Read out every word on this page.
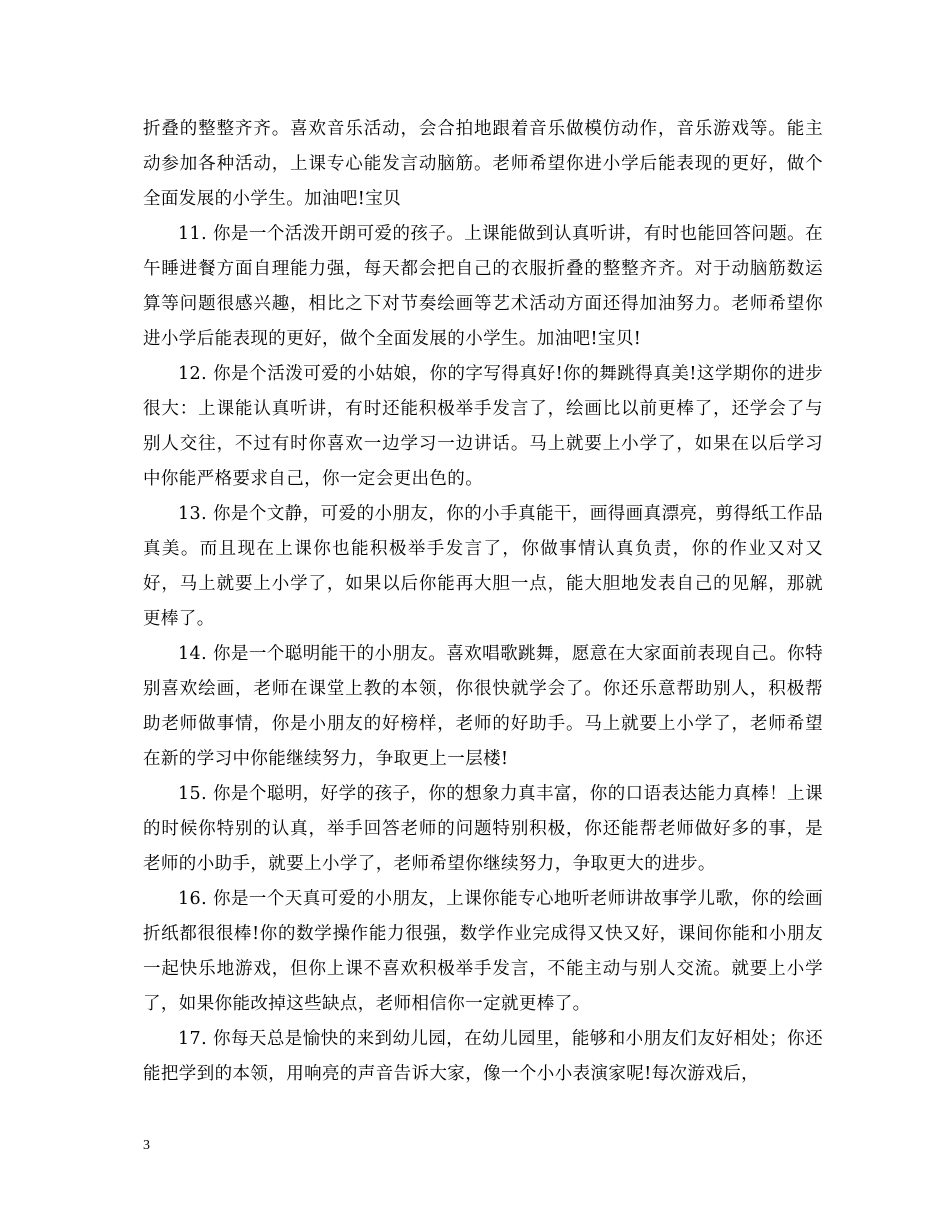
折叠的整整齐齐。喜欢音乐活动，会合拍地跟着音乐做模仿动作，音乐游戏等。能主动参加各种活动，上课专心能发言动脑筋。老师希望你进小学后能表现的更好，做个全面发展的小学生。加油吧!宝贝

11. 你是一个活泼开朗可爱的孩子。上课能做到认真听讲，有时也能回答问题。在午睡进餐方面自理能力强，每天都会把自己的衣服折叠的整整齐齐。对于动脑筋数运算等问题很感兴趣，相比之下对节奏绘画等艺术活动方面还得加油努力。老师希望你进小学后能表现的更好，做个全面发展的小学生。加油吧!宝贝!

12. 你是个活泼可爱的小姑娘，你的字写得真好!你的舞跳得真美!这学期你的进步很大：上课能认真听讲，有时还能积极举手发言了，绘画比以前更棒了，还学会了与别人交往，不过有时你喜欢一边学习一边讲话。马上就要上小学了，如果在以后学习中你能严格要求自己，你一定会更出色的。

13. 你是个文静，可爱的小朋友，你的小手真能干，画得画真漂亮，剪得纸工作品真美。而且现在上课你也能积极举手发言了，你做事情认真负责，你的作业又对又好，马上就要上小学了，如果以后你能再大胆一点，能大胆地发表自己的见解，那就更棒了。

14. 你是一个聪明能干的小朋友。喜欢唱歌跳舞，愿意在大家面前表现自己。你特别喜欢绘画，老师在课堂上教的本领，你很快就学会了。你还乐意帮助别人，积极帮助老师做事情，你是小朋友的好榜样，老师的好助手。马上就要上小学了，老师希望在新的学习中你能继续努力，争取更上一层楼!

15. 你是个聪明，好学的孩子，你的想象力真丰富，你的口语表达能力真棒！上课的时候你特别的认真，举手回答老师的问题特别积极，你还能帮老师做好多的事，是老师的小助手，就要上小学了，老师希望你继续努力，争取更大的进步。

16. 你是一个天真可爱的小朋友，上课你能专心地听老师讲故事学儿歌，你的绘画折纸都很很棒!你的数学操作能力很强，数学作业完成得又快又好，课间你能和小朋友一起快乐地游戏，但你上课不喜欢积极举手发言，不能主动与别人交流。就要上小学了，如果你能改掉这些缺点，老师相信你一定就更棒了。

17. 你每天总是愉快的来到幼儿园，在幼儿园里，能够和小朋友们友好相处；你还能把学到的本领，用响亮的声音告诉大家，像一个小小表演家呢!每次游戏后，

3
